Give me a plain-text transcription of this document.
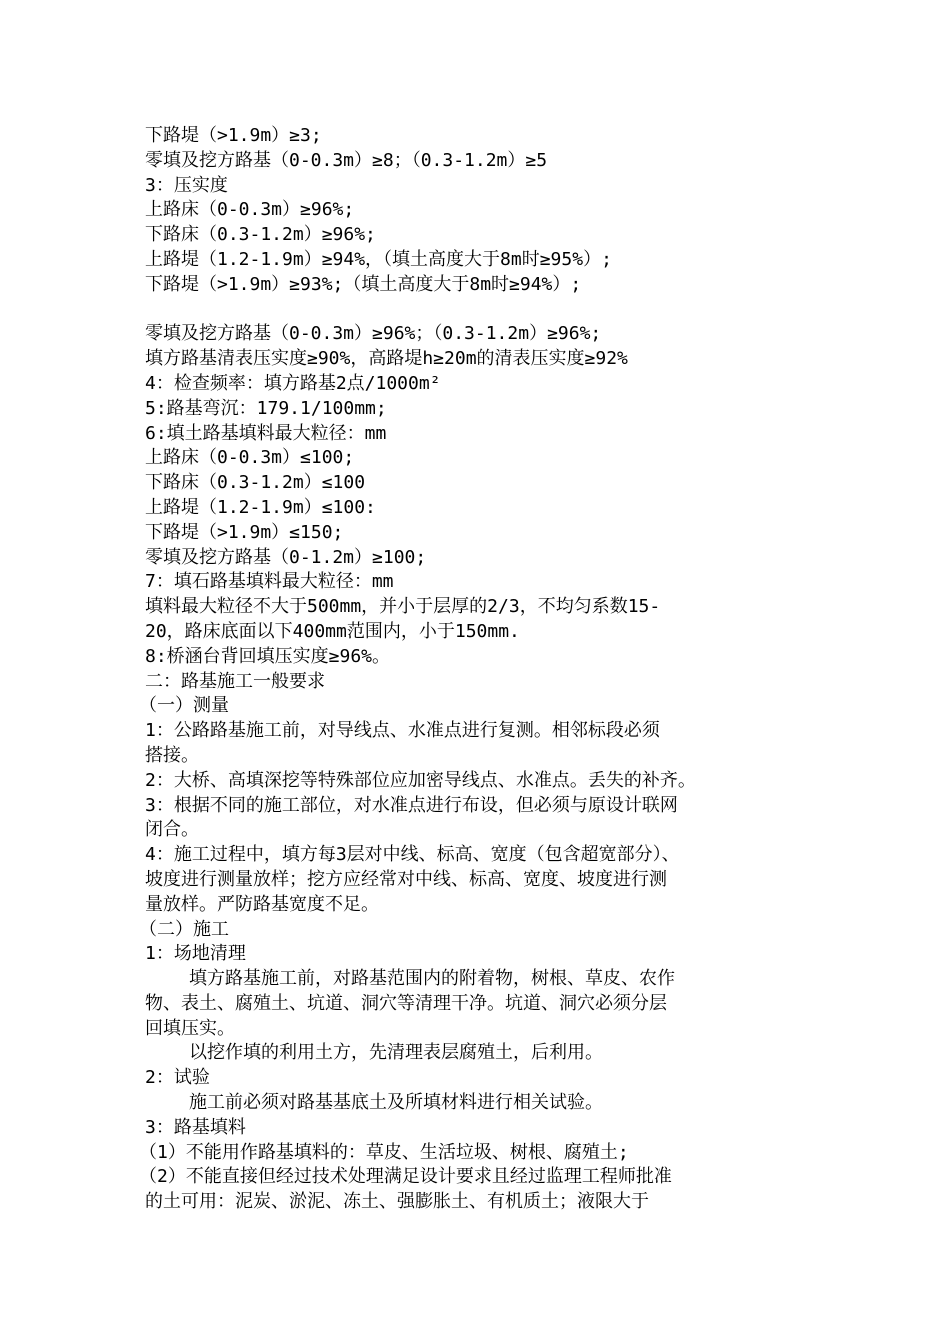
下路堤（>1.9m）≥3;
零填及挖方路基（0-0.3m）≥8；（0.3-1.2m）≥5
3：压实度
上路床（0-0.3m）≥96%;
下路床（0.3-1.2m）≥96%;
上路堤（1.2-1.9m）≥94%，（填土高度大于8m时≥95%）;
下路堤（>1.9m）≥93%;（填土高度大于8m时≥94%）;
零填及挖方路基（0-0.3m）≥96%；（0.3-1.2m）≥96%;
填方路基清表压实度≥90%，高路堤h≥20m的清表压实度≥92%
4：检查频率：填方路基2点/1000m²
5:路基弯沉：179.1/100mm;
6:填土路基填料最大粒径：mm
上路床（0-0.3m）≤100;
下路床（0.3-1.2m）≤100
上路堤（1.2-1.9m）≤100:
下路堤（>1.9m）≤150;
零填及挖方路基（0-1.2m）≥100;
7：填石路基填料最大粒径：mm
填料最大粒径不大于500mm，并小于层厚的2/3，不均匀系数15-
20，路床底面以下400mm范围内，小于150mm.
8:桥涵台背回填压实度≥96%。
二：路基施工一般要求
（一）测量
1：公路路基施工前，对导线点、水准点进行复测。相邻标段必须
搭接。
2：大桥、高填深挖等特殊部位应加密导线点、水准点。丢失的补齐。
3：根据不同的施工部位，对水准点进行布设，但必须与原设计联网
闭合。
4：施工过程中，填方每3层对中线、标高、宽度（包含超宽部分）、
坡度进行测量放样；挖方应经常对中线、标高、宽度、坡度进行测
量放样。严防路基宽度不足。
（二）施工
1：场地清理
填方路基施工前，对路基范围内的附着物，树根、草皮、农作
物、表土、腐殖土、坑道、洞穴等清理干净。坑道、洞穴必须分层
回填压实。
以挖作填的利用土方，先清理表层腐殖土，后利用。
2：试验
施工前必须对路基基底土及所填材料进行相关试验。
3：路基填料
（1）不能用作路基填料的：草皮、生活垃圾、树根、腐殖土;
（2）不能直接但经过技术处理满足设计要求且经过监理工程师批准
的土可用：泥炭、淤泥、冻土、强膨胀土、有机质土；液限大于
